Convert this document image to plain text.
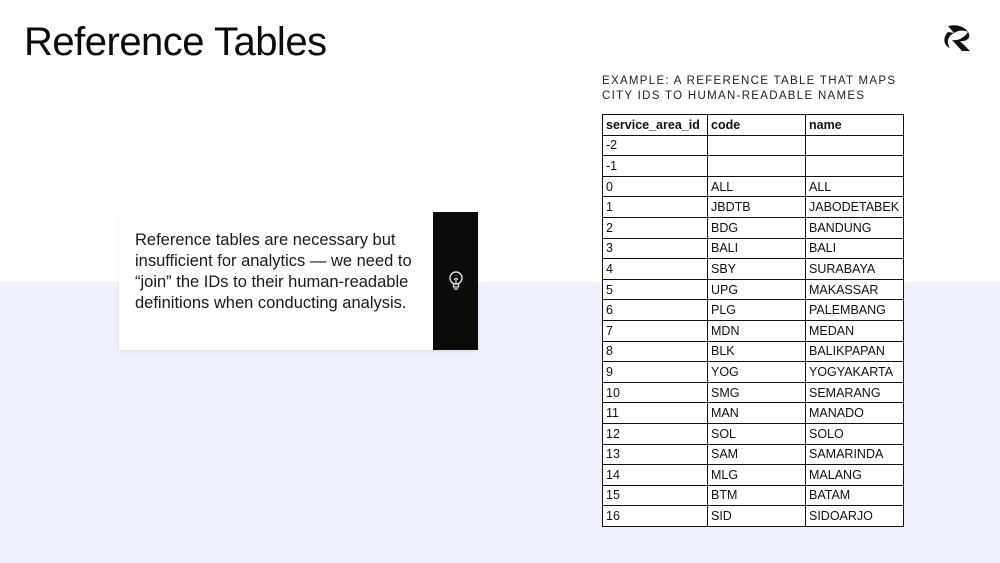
Reference Tables
EXAMPLE: A REFERENCE TABLE THAT MAPS CITY IDS TO HUMAN-READABLE NAMES
Reference tables are necessary but insufficient for analytics — we need to “join” the IDs to their human-readable definitions when conducting analysis.
service_area_id	code	name
-2		
-1		
0	ALL	ALL
1	JBDTB	JABODETABEK
2	BDG	BANDUNG
3	BALI	BALI
4	SBY	SURABAYA
5	UPG	MAKASSAR
6	PLG	PALEMBANG
7	MDN	MEDAN
8	BLK	BALIKPAPAN
9	YOG	YOGYAKARTA
10	SMG	SEMARANG
11	MAN	MANADO
12	SOL	SOLO
13	SAM	SAMARINDA
14	MLG	MALANG
15	BTM	BATAM
16	SID	SIDOARJO
